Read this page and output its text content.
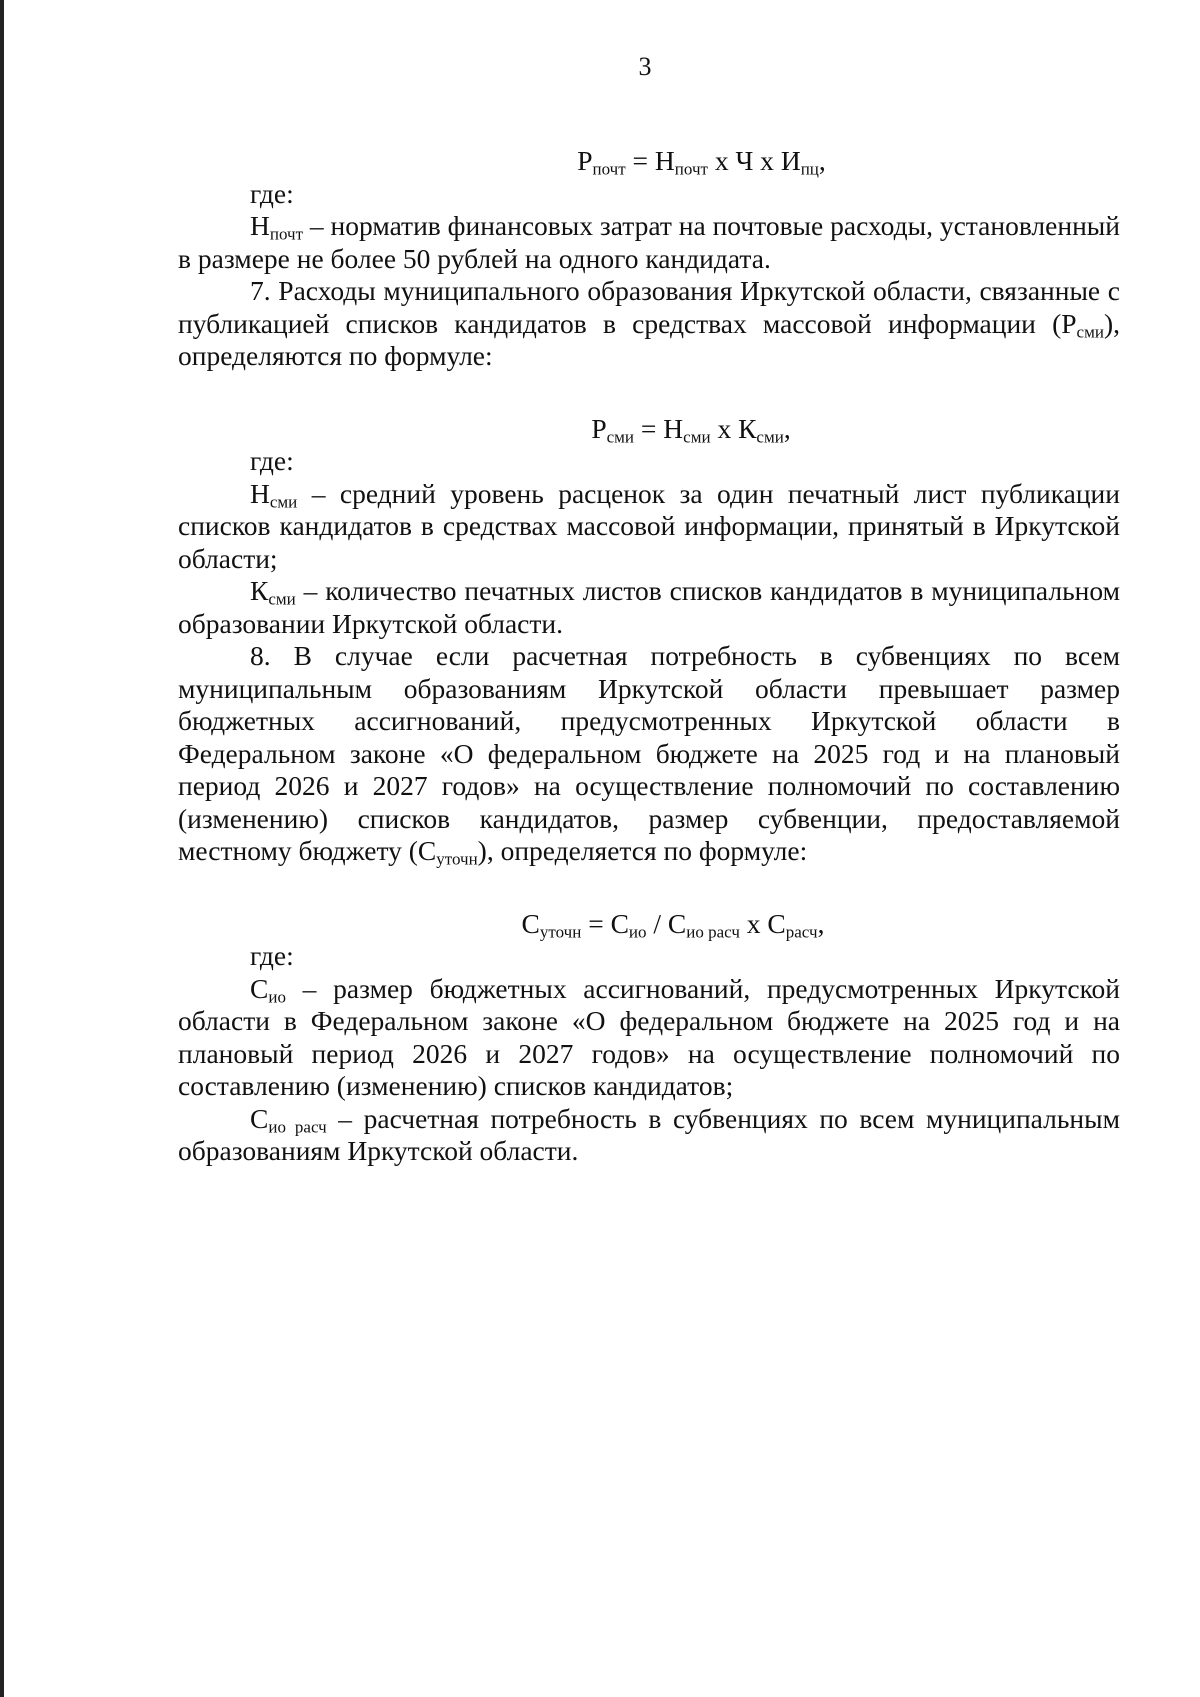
3

$Р_{почт} = Н_{почт}$ х Ч х $И_{пц}$,

где:

$Н_{почт}$ – норматив финансовых затрат на почтовые расходы, установленный в размере не более 50 рублей на одного кандидата.

7. Расходы муниципального образования Иркутской области, связанные с публикацией списков кандидатов в средствах массовой информации $(Р_{сми})$, определяются по формуле:

$Р_{сми} = Н_{сми}$ х $К_{сми}$,

где:

$Н_{сми}$ – средний уровень расценок за один печатный лист публикации списков кандидатов в средствах массовой информации, принятый в Иркутской области;

$К_{сми}$ – количество печатных листов списков кандидатов в муниципальном образовании Иркутской области.

8. В случае если расчетная потребность в субвенциях по всем муниципальным образованиям Иркутской области превышает размер бюджетных ассигнований, предусмотренных Иркутской области в Федеральном законе «О федеральном бюджете на 2025 год и на плановый период 2026 и 2027 годов» на осуществление полномочий по составлению (изменению) списков кандидатов, размер субвенции, предоставляемой местному бюджету $(С_{уточн})$, определяется по формуле:

$С_{уточн} = С_{ио} / С_{ио расч}$ х $С_{расч}$,

где:

$С_{ио}$ – размер бюджетных ассигнований, предусмотренных Иркутской области в Федеральном законе «О федеральном бюджете на 2025 год и на плановый период 2026 и 2027 годов» на осуществление полномочий по составлению (изменению) списков кандидатов;

$С_{ио расч}$ – расчетная потребность в субвенциях по всем муниципальным образованиям Иркутской области.
